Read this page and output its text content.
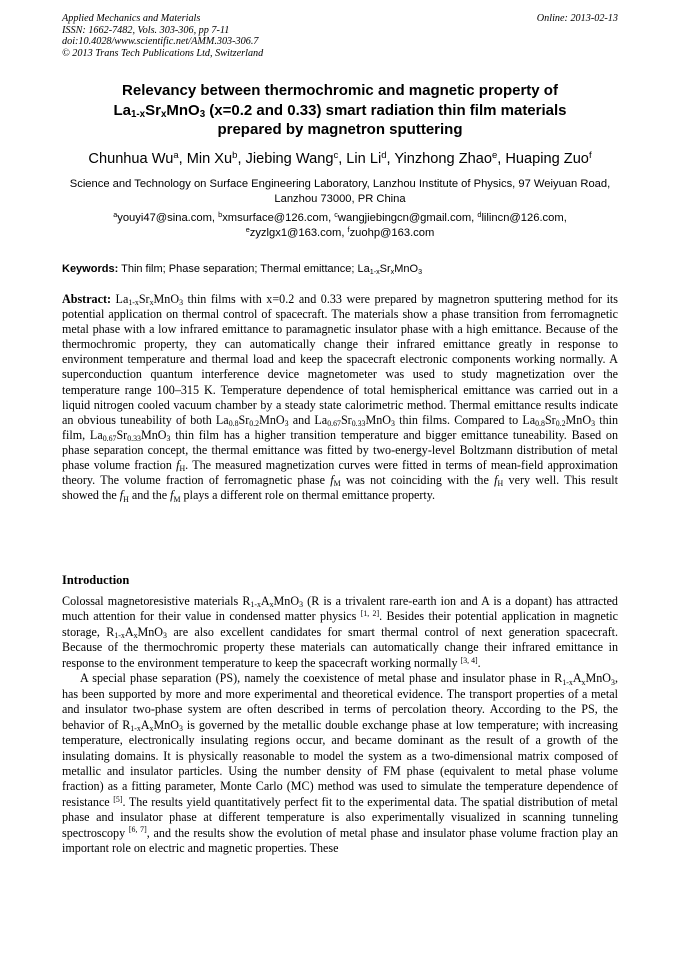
Applied Mechanics and Materials
ISSN: 1662-7482, Vols. 303-306, pp 7-11
doi:10.4028/www.scientific.net/AMM.303-306.7
© 2013 Trans Tech Publications Ltd, Switzerland
Online: 2013-02-13
Relevancy between thermochromic and magnetic property of
$La_{1-x}Sr_xMnO_3$ (x=0.2 and 0.33) smart radiation thin film materials
prepared by magnetron sputtering
Chunhua Wu$^a$, Min Xu$^b$, Jiebing Wang$^c$, Lin Li$^d$, Yinzhong Zhao$^e$, Huaping Zuo$^f$
Science and Technology on Surface Engineering Laboratory, Lanzhou Institute of Physics, 97 Weiyuan Road, Lanzhou 73000, PR China
$^a$youyi47@sina.com, $^b$xmsurface@126.com, $^c$wangjiebingcn@gmail.com, $^d$lilincn@126.com,
$^e$zyzlgx1@163.com, $^f$zuohp@163.com
Keywords: Thin film; Phase separation; Thermal emittance; $La_{1-x}Sr_xMnO_3$
Abstract: $La_{1-x}Sr_xMnO_3$ thin films with x=0.2 and 0.33 were prepared by magnetron sputtering method for its potential application on thermal control of spacecraft. The materials show a phase transition from ferromagnetic metal phase with a low infrared emittance to paramagnetic insulator phase with a high emittance. Because of the thermochromic property, they can automatically change their infrared emittance greatly in response to environment temperature and thermal load and keep the spacecraft electronic components working normally. A superconduction quantum interference device magnetometer was used to study magnetization over the temperature range 100–315 K. Temperature dependence of total hemispherical emittance was carried out in a liquid nitrogen cooled vacuum chamber by a steady state calorimetric method. Thermal emittance results indicate an obvious tuneability of both $La_{0.8}Sr_{0.2}MnO_3$ and $La_{0.67}Sr_{0.33}MnO_3$ thin films. Compared to $La_{0.8}Sr_{0.2}MnO_3$ thin film, $La_{0.67}Sr_{0.33}MnO_3$ thin film has a higher transition temperature and bigger emittance tuneability. Based on phase separation concept, the thermal emittance was fitted by two-energy-level Boltzmann distribution of metal phase volume fraction $f_H$. The measured magnetization curves were fitted in terms of mean-field approximation theory. The volume fraction of ferromagnetic phase $f_M$ was not coinciding with the $f_H$ very well. This result showed the $f_H$ and the $f_M$ plays a different role on thermal emittance property.
Introduction

Colossal magnetoresistive materials $R_{1-x}A_xMnO_3$ (R is a trivalent rare-earth ion and A is a dopant) has attracted much attention for their value in condensed matter physics [1, 2]. Besides their potential application in magnetic storage, $R_{1-x}A_xMnO_3$ are also excellent candidates for smart thermal control of next generation spacecraft. Because of the thermochromic property these materials can automatically change their infrared emittance in response to the environment temperature to keep the spacecraft working normally [3, 4].

A special phase separation (PS), namely the coexistence of metal phase and insulator phase in $R_{1-x}A_xMnO_3$, has been supported by more and more experimental and theoretical evidence. The transport properties of a metal and insulator two-phase system are often described in terms of percolation theory. According to the PS, the behavior of $R_{1-x}A_xMnO_3$ is governed by the metallic double exchange phase at low temperature; with increasing temperature, electronically insulating regions occur, and became dominant as the result of a growth of the insulating domains. It is physically reasonable to model the system as a two-dimensional matrix composed of metallic and insulator particles. Using the number density of FM phase (equivalent to metal phase volume fraction) as a fitting parameter, Monte Carlo (MC) method was used to simulate the temperature dependence of resistance [5]. The results yield quantitatively perfect fit to the experimental data. The spatial distribution of metal phase and insulator phase at different temperature is also experimentally visualized in scanning tunneling spectroscopy [6, 7], and the results show the evolution of metal phase and insulator phase volume fraction play an important role on electric and magnetic properties. These
